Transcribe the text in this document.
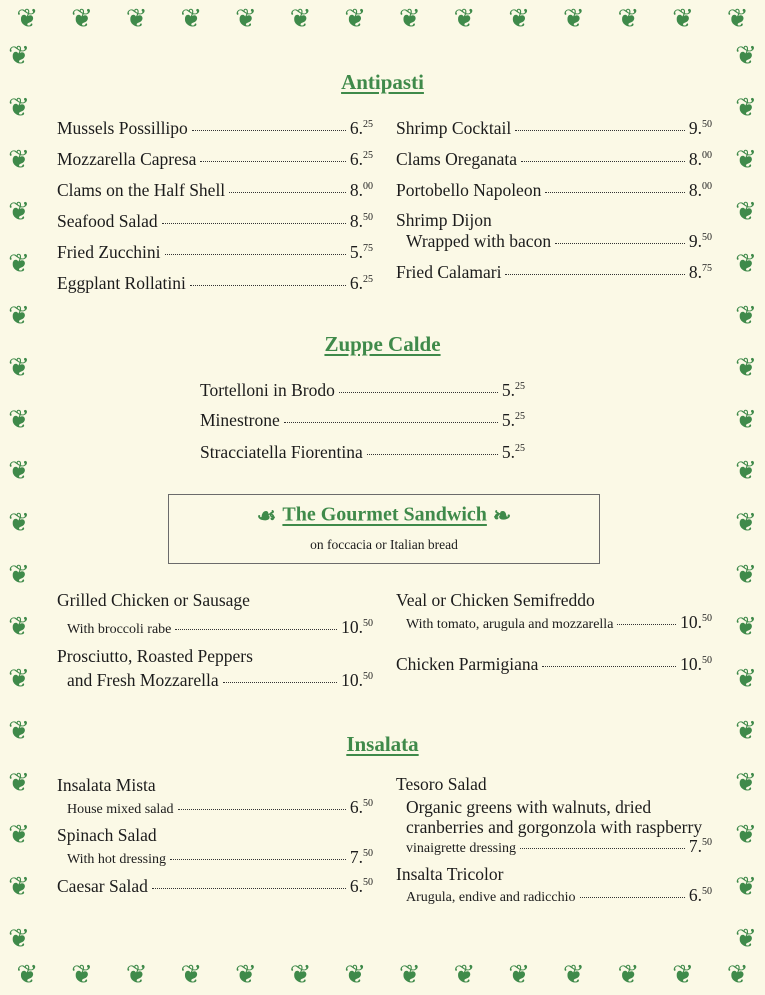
❦ ❦ ❦ ❦ ❦ ❦ ❦ ❦ ❦ ❦ ❦ ❦ ❦ ❦
❦ ❦ ❦ ❦ ❦ ❦ ❦ ❦ ❦ ❦ ❦ ❦ ❦ ❦
❦
❦
❦
❦
❦
❦
❦
❦
❦
❦
❦
❦
❦
❦
❦
❦
❦
❦
❦
❦
❦
❦
❦
❦
❦
❦
❦
❦
❦
❦
❦
❦
❦
❦
❦
❦
Antipasti
Mussels Possillipo	6.25
Mozzarella Capresa	6.25
Clams on the Half Shell	8.00
Seafood Salad	8.50
Fried Zucchini	5.75
Eggplant Rollatini	6.25
Shrimp Cocktail	9.50
Clams Oreganata	8.00
Portobello Napoleon	8.00
Shrimp Dijon
Wrapped with bacon	9.50
Fried Calamari	8.75
Zuppe Calde
Tortelloni in Brodo	5.25
Minestrone	5.25
Stracciatella Fiorentina	5.25
☙ The Gourmet Sandwich ❧
on foccacia or Italian bread
Grilled Chicken or Sausage
With broccoli rabe	10.50
Prosciutto, Roasted Peppers
and Fresh Mozzarella	10.50
Veal or Chicken Semifreddo
With tomato, arugula and mozzarella	10.50
Chicken Parmigiana	10.50
Insalata
Insalata Mista
House mixed salad	6.50
Spinach Salad
With hot dressing	7.50
Caesar Salad	6.50
Tesoro Salad
Organic greens with walnuts, dried
cranberries and gorgonzola with raspberry
vinaigrette dressing	7.50
Insalta Tricolor
Arugula, endive and radicchio	6.50
